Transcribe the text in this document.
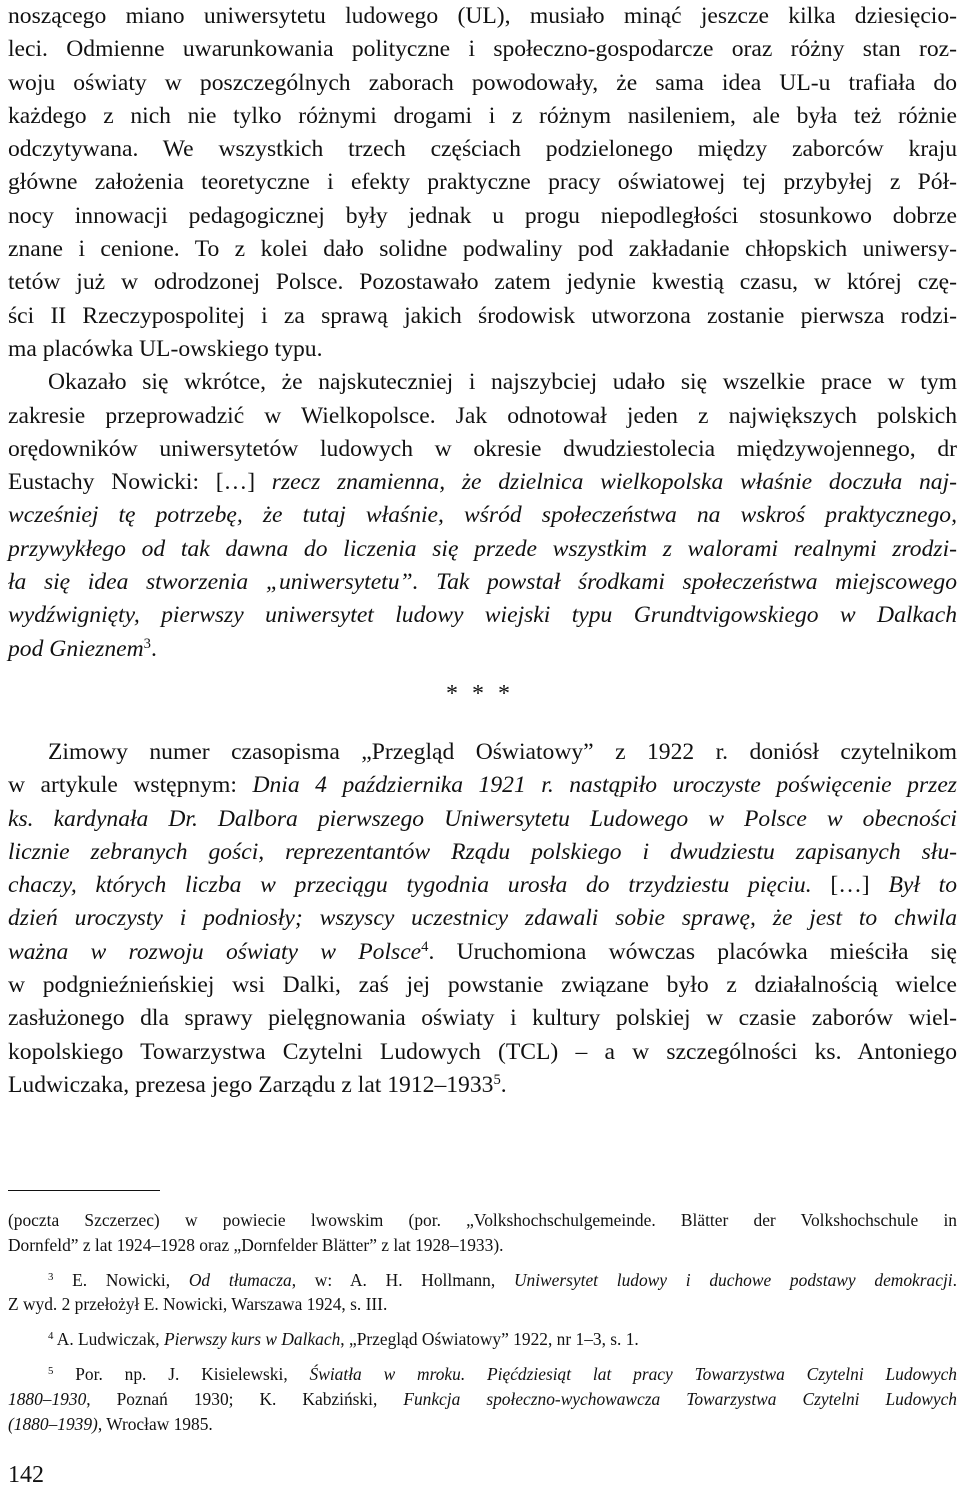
noszącego miano uniwersytetu ludowego (UL), musiało minąć jeszcze kilka dziesięcio-
leci. Odmienne uwarunkowania polityczne i społeczno-gospodarcze oraz różny stan roz-
woju oświaty w poszczególnych zaborach powodowały, że sama idea UL-u trafiała do
każdego z nich nie tylko różnymi drogami i z różnym nasileniem, ale była też różnie
odczytywana. We wszystkich trzech częściach podzielonego między zaborców kraju
główne założenia teoretyczne i efekty praktyczne pracy oświatowej tej przybyłej z Pół-
nocy innowacji pedagogicznej były jednak u progu niepodległości stosunkowo dobrze
znane i cenione. To z kolei dało solidne podwaliny pod zakładanie chłopskich uniwersy-
tetów już w odrodzonej Polsce. Pozostawało zatem jedynie kwestią czasu, w której czę-
ści II Rzeczypospolitej i za sprawą jakich środowisk utworzona zostanie pierwsza rodzi-
ma placówka UL-owskiego typu.
Okazało się wkrótce, że najskuteczniej i najszybciej udało się wszelkie prace w tym
zakresie przeprowadzić w Wielkopolsce. Jak odnotował jeden z największych polskich
orędowników uniwersytetów ludowych w okresie dwudziestolecia międzywojennego, dr
Eustachy Nowicki: […] rzecz znamienna, że dzielnica wielkopolska właśnie doczuła naj-
wcześniej tę potrzebę, że tutaj właśnie, wśród społeczeństwa na wskroś praktycznego,
przywykłego od tak dawna do liczenia się przede wszystkim z walorami realnymi zrodzi-
ła się idea stworzenia „uniwersytetu”. Tak powstał środkami społeczeństwa miejscowego
wydźwignięty, pierwszy uniwersytet ludowy wiejski typu Grundtvigowskiego w Dalkach
pod Gnieznem$^3$.
* * *
Zimowy numer czasopisma „Przegląd Oświatowy” z 1922 r. doniósł czytelnikom
w artykule wstępnym: Dnia 4 października 1921 r. nastąpiło uroczyste poświęcenie przez
ks. kardynała Dr. Dalbora pierwszego Uniwersytetu Ludowego w Polsce w obecności
licznie zebranych gości, reprezentantów Rządu polskiego i dwudziestu zapisanych słu-
chaczy, których liczba w przeciągu tygodnia urosła do trzydziestu pięciu. […] Był to
dzień uroczysty i podniosły; wszyscy uczestnicy zdawali sobie sprawę, że jest to chwila
ważna w rozwoju oświaty w Polsce$^4$. Uruchomiona wówczas placówka mieściła się
w podgnieźnieńskiej wsi Dalki, zaś jej powstanie związane było z działalnością wielce
zasłużonego dla sprawy pielęgnowania oświaty i kultury polskiej w czasie zaborów wiel-
kopolskiego Towarzystwa Czytelni Ludowych (TCL) – a w szczególności ks. Antoniego
Ludwiczaka, prezesa jego Zarządu z lat 1912–1933$^5$.
(poczta Szczerzec) w powiecie lwowskim (por. „Volkshochschulgemeinde. Blätter der Volkshochschule in
Dornfeld” z lat 1924–1928 oraz „Dornfelder Blätter” z lat 1928–1933).
$^3$ E. Nowicki, Od tłumacza, w: A. H. Hollmann, Uniwersytet ludowy i duchowe podstawy demokracji.
Z wyd. 2 przełożył E. Nowicki, Warszawa 1924, s. III.
$^4$ A. Ludwiczak, Pierwszy kurs w Dalkach, „Przegląd Oświatowy” 1922, nr 1–3, s. 1.
$^5$ Por. np. J. Kisielewski, Światła w mroku. Pięćdziesiąt lat pracy Towarzystwa Czytelni Ludowych
1880–1930, Poznań 1930; K. Kabziński, Funkcja społeczno-wychowawcza Towarzystwa Czytelni Ludowych
(1880–1939), Wrocław 1985.
142
